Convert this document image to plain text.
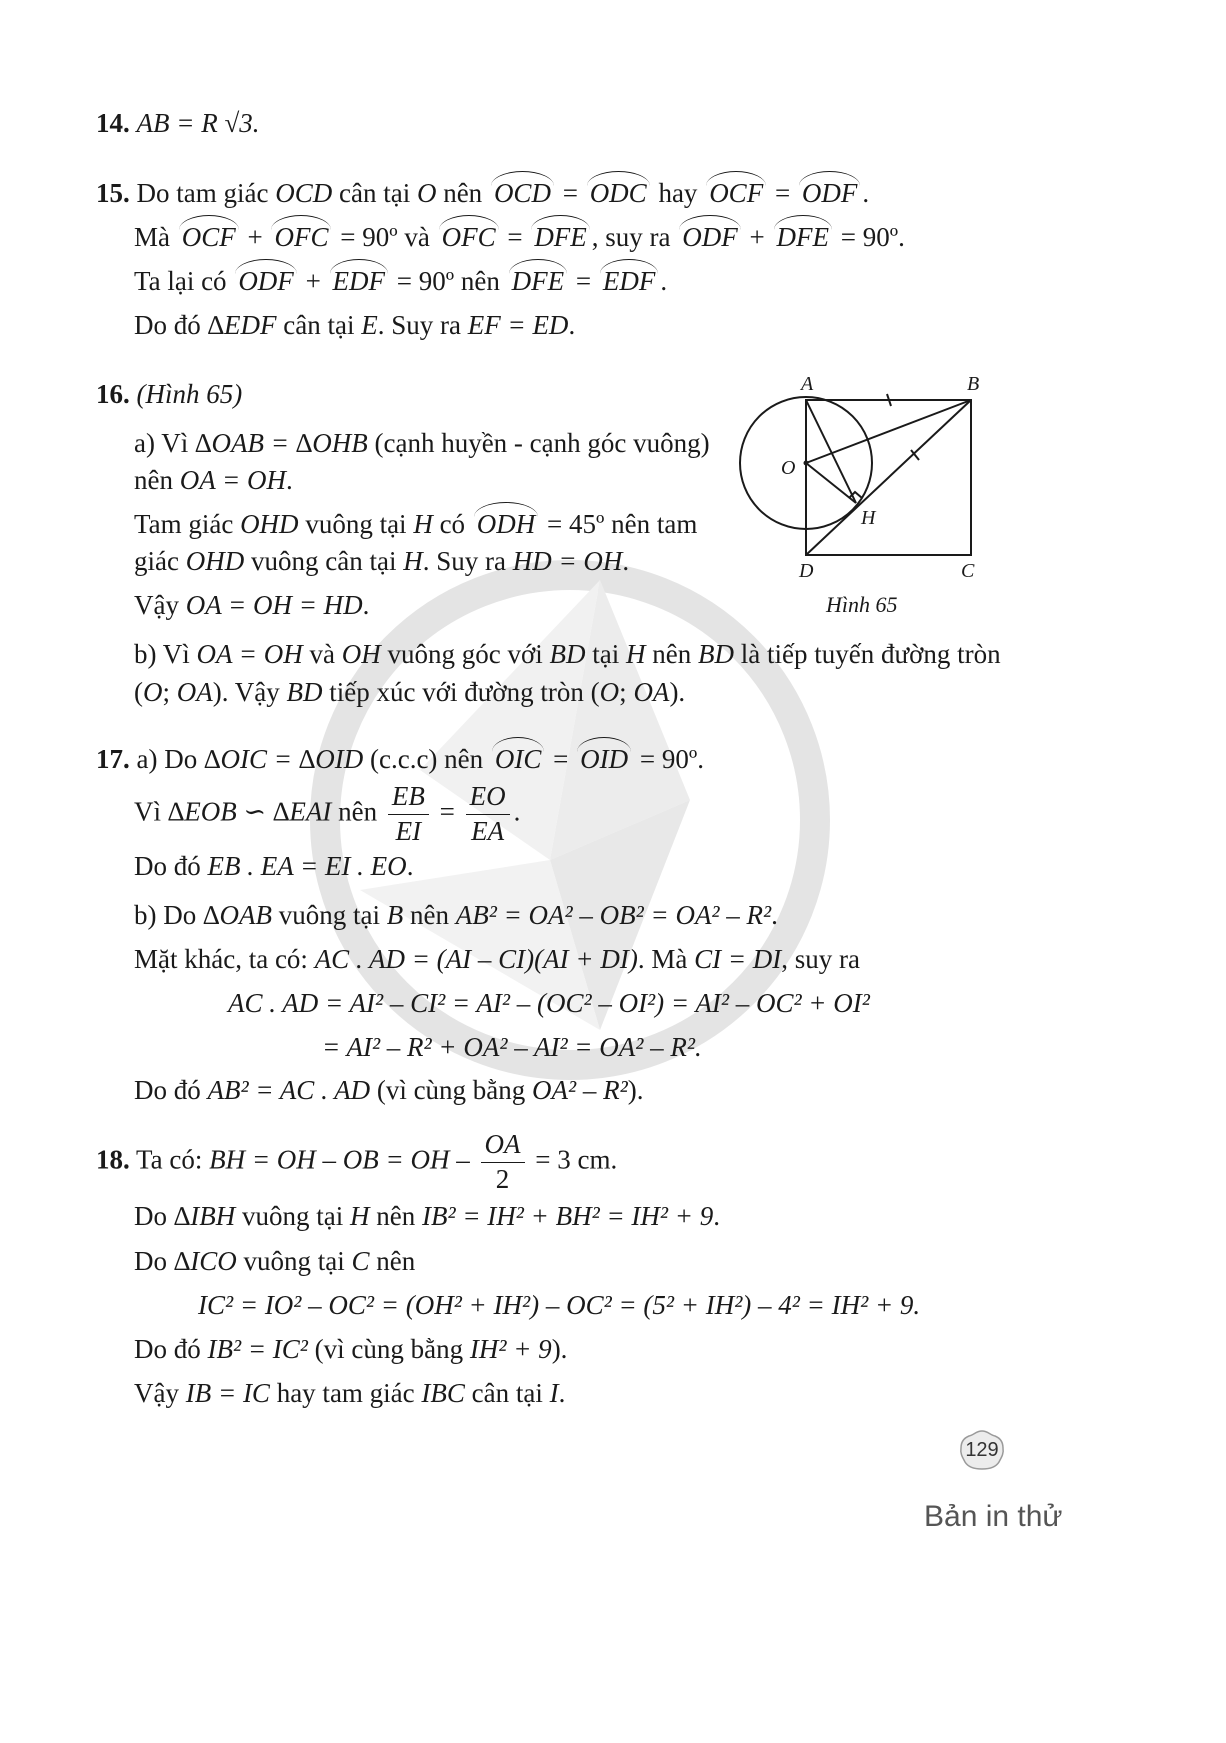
14. AB = R √3.
15. Do tam giác OCD cân tại O nên OCD = ODC hay OCF = ODF .
Mà OCF + OFC = 90º và OFC = DFE , suy ra ODF + DFE = 90º.
Ta lại có ODF + EDF = 90º nên DFE = EDF .
Do đó ∆EDF cân tại E. Suy ra EF = ED.
16. (Hình 65)
a) Vì ∆OAB = ∆OHB (cạnh huyền - cạnh góc vuông)
nên OA = OH.
Tam giác OHD vuông tại H có ODH = 45º nên tam
giác OHD vuông cân tại H. Suy ra HD = OH.
Vậy OA = OH = HD.
b) Vì OA = OH và OH vuông góc với BD tại H nên BD là tiếp tuyến đường tròn
(O; OA). Vậy BD tiếp xúc với đường tròn (O; OA).
A	B
C
D
O
H
Hình 65
17. a) Do ∆OIC = ∆OID (c.c.c) nên OIC = OID = 90º.
Vì ∆EOB ∽ ∆EAI nên $\frac{EB}{EI} = \frac{EO}{EA}$ .
Do đó EB . EA = EI . EO.
b) Do ∆OAB vuông tại B nên AB² = OA² – OB² = OA² – R².
Mặt khác, ta có: AC . AD = (AI – CI)(AI + DI). Mà CI = DI, suy ra
AC . AD = AI² – CI² = AI² – (OC² – OI²) = AI² – OC² + OI²
= AI² – R² + OA² – AI² = OA² – R².
Do đó AB² = AC . AD (vì cùng bằng OA² – R²).
18. Ta có: BH = OH – OB = OH – $\frac{OA}{2} = 3$ cm.
Do ∆IBH vuông tại H nên IB² = IH² + BH² = IH² + 9.
Do ∆ICO vuông tại C nên
IC² = IO² – OC² = (OH² + IH²) – OC² = (5² + IH²) – 4² = IH² + 9.
Do đó IB² = IC² (vì cùng bằng IH² + 9).
Vậy IB = IC hay tam giác IBC cân tại I.
129
Bản in thử
